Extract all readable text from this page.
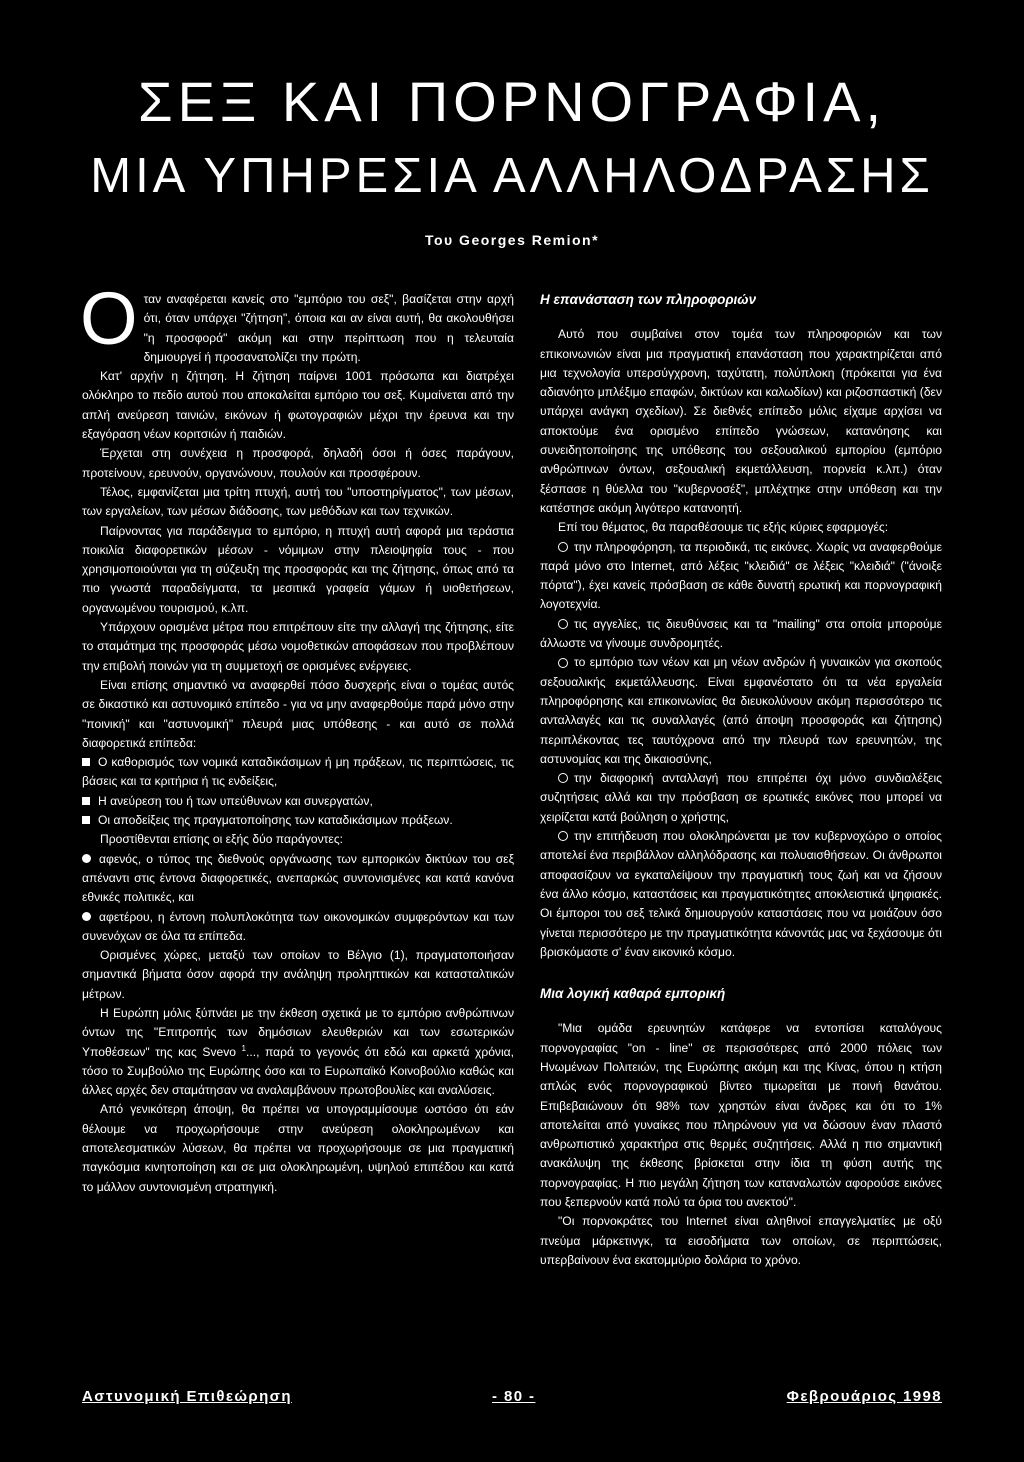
ΣΕΞ ΚΑΙ ΠΟΡΝΟΓΡΑΦΙΑ,
ΜΙΑ ΥΠΗΡΕΣΙΑ ΑΛΛΗΛΟΔΡΑΣΗΣ
Του Georges Remion*

Οταν αναφέρεται κανείς στο "εμπόριο του σεξ", βασίζεται στην αρχή ότι, όταν υπάρχει "ζήτηση", όποια και αν είναι αυτή, θα ακολουθήσει "η προσφορά" ακόμη και στην περίπτωση που η τελευταία δημιουργεί ή προσανατολίζει την πρώτη.

Κατ' αρχήν η ζήτηση. Η ζήτηση παίρνει 1001 πρόσωπα και διατρέχει ολόκληρο το πεδίο αυτού που αποκαλείται εμπόριο του σεξ. Κυμαίνεται από την απλή ανεύρεση ταινιών, εικόνων ή φωτογραφιών μέχρι την έρευνα και την εξαγόραση νέων κοριτσιών ή παιδιών.

Έρχεται στη συνέχεια η προσφορά, δηλαδή όσοι ή όσες παράγουν, προτείνουν, ερευνούν, οργανώνουν, πουλούν και προσφέρουν.

Τέλος, εμφανίζεται μια τρίτη πτυχή, αυτή του "υποστηρίγματος", των μέσων, των εργαλείων, των μέσων διάδοσης, των μεθόδων και των τεχνικών.

Παίρνοντας για παράδειγμα το εμπόριο, η πτυχή αυτή αφορά μια τεράστια ποικιλία διαφορετικών μέσων - νόμιμων στην πλειοψηφία τους - που χρησιμοποιούνται για τη σύζευξη της προσφοράς και της ζήτησης, όπως από τα πιο γνωστά παραδείγματα, τα μεσιτικά γραφεία γάμων ή υιοθετήσεων, οργανωμένου τουρισμού, κ.λπ.

Υπάρχουν ορισμένα μέτρα που επιτρέπουν είτε την αλλαγή της ζήτησης, είτε το σταμάτημα της προσφοράς μέσω νομοθετικών αποφάσεων που προβλέπουν την επιβολή ποινών για τη συμμετοχή σε ορισμένες ενέργειες.

Είναι επίσης σημαντικό να αναφερθεί πόσο δυσχερής είναι ο τομέας αυτός σε δικαστικό και αστυνομικό επίπεδο - για να μην αναφερθούμε παρά μόνο στην "ποινική" και "αστυνομική" πλευρά μιας υπόθεσης - και αυτό σε πολλά διαφορετικά επίπεδα:

Ο καθορισμός των νομικά καταδικάσιμων ή μη πράξεων, τις περιπτώσεις, τις βάσεις και τα κριτήρια ή τις ενδείξεις,

Η ανεύρεση του ή των υπεύθυνων και συνεργατών,

Οι αποδείξεις της πραγματοποίησης των καταδικάσιμων πράξεων.

Προστίθενται επίσης οι εξής δύο παράγοντες:

αφενός, ο τύπος της διεθνούς οργάνωσης των εμπορικών δικτύων του σεξ απέναντι στις έντονα διαφορετικές, ανεπαρκώς συντονισμένες και κατά κανόνα εθνικές πολιτικές, και

αφετέρου, η έντονη πολυπλοκότητα των οικονομικών συμφερόντων και των συνενόχων σε όλα τα επίπεδα.

Ορισμένες χώρες, μεταξύ των οποίων το Βέλγιο (1), πραγματοποιήσαν σημαντικά βήματα όσον αφορά την ανάληψη προληπτικών και κατασταλτικών μέτρων.

Η Ευρώπη μόλις ξύπνάει με την έκθεση σχετικά με το εμπόριο ανθρώπινων όντων της "Επιτροπής των δημόσιων ελευθεριών και των εσωτερικών Υποθέσεων" της κας Svevo $^1$..., παρά το γεγονός ότι εδώ και αρκετά χρόνια, τόσο το Συμβούλιο της Ευρώπης όσο και το Ευρωπαϊκό Κοινοβούλιο καθώς και άλλες αρχές δεν σταμάτησαν να αναλαμβάνουν πρωτοβουλίες και αναλύσεις.

Από γενικότερη άποψη, θα πρέπει να υπογραμμίσουμε ωστόσο ότι εάν θέλουμε να προχωρήσουμε στην ανεύρεση ολοκληρωμένων και αποτελεσματικών λύσεων, θα πρέπει να προχωρήσουμε σε μια πραγματική παγκόσμια κινητοποίηση και σε μια ολοκληρωμένη, υψηλού επιπέδου και κατά το μάλλον συντονισμένη στρατηγική.

Η επανάσταση των πληροφοριών

Αυτό που συμβαίνει στον τομέα των πληροφοριών και των επικοινωνιών είναι μια πραγματική επανάσταση που χαρακτηρίζεται από μια τεχνολογία υπερσύγχρονη, ταχύτατη, πολύπλοκη (πρόκειται για ένα αδιανόητο μπλέξιμο επαφών, δικτύων και καλωδίων) και ριζοσπαστική (δεν υπάρχει ανάγκη σχεδίων). Σε διεθνές επίπεδο μόλις είχαμε αρχίσει να αποκτούμε ένα ορισμένο επίπεδο γνώσεων, κατανόησης και συνειδητοποίησης της υπόθεσης του σεξουαλικού εμπορίου (εμπόριο ανθρώπινων όντων, σεξουαλική εκμετάλλευση, πορνεία κ.λπ.) όταν ξέσπασε η θύελλα του "κυβερνοσέξ", μπλέχτηκε στην υπόθεση και την κατέστησε ακόμη λιγότερο κατανοητή.

Επί του θέματος, θα παραθέσουμε τις εξής κύριες εφαρμογές:

την πληροφόρηση, τα περιοδικά, τις εικόνες. Χωρίς να αναφερθούμε παρά μόνο στο Internet, από λέξεις "κλειδιά" σε λέξεις "κλειδιά" ("άνοιξε πόρτα"), έχει κανείς πρόσβαση σε κάθε δυνατή ερωτική και πορνογραφική λογοτεχνία.

τις αγγελίες, τις διευθύνσεις και τα "mailing" στα οποία μπορούμε άλλωστε να γίνουμε συνδρομητές.

το εμπόριο των νέων και μη νέων ανδρών ή γυναικών για σκοπούς σεξουαλικής εκμετάλλευσης. Είναι εμφανέστατο ότι τα νέα εργαλεία πληροφόρησης και επικοινωνίας θα διευκολύνουν ακόμη περισσότερο τις ανταλλαγές και τις συναλλαγές (από άποψη προσφοράς και ζήτησης) περιπλέκοντας τες ταυτόχρονα από την πλευρά των ερευνητών, της αστυνομίας και της δικαιοσύνης,

την διαφορική ανταλλαγή που επιτρέπει όχι μόνο συνδιαλέξεις συζητήσεις αλλά και την πρόσβαση σε ερωτικές εικόνες που μπορεί να χειρίζεται κατά βούληση ο χρήστης,

την επιτήδευση που ολοκληρώνεται με τον κυβερνοχώρο ο οποίος αποτελεί ένα περιβάλλον αλληλόδρασης και πολυαισθήσεων. Οι άνθρωποι αποφασίζουν να εγκαταλείψουν την πραγματική τους ζωή και να ζήσουν ένα άλλο κόσμο, καταστάσεις και πραγματικότητες αποκλειστικά ψηφιακές. Οι έμποροι του σεξ τελικά δημιουργούν καταστάσεις που να μοιάζουν όσο γίνεται περισσότερο με την πραγματικότητα κάνοντάς μας να ξεχάσουμε ότι βρισκόμαστε σ' έναν εικονικό κόσμο.

Μια λογική καθαρά εμπορική

"Μια ομάδα ερευνητών κατάφερε να εντοπίσει καταλόγους πορνογραφίας "on - line" σε περισσότερες από 2000 πόλεις των Ηνωμένων Πολιτειών, της Ευρώπης ακόμη και της Κίνας, όπου η κτήση απλώς ενός πορνογραφικού βίντεο τιμωρείται με ποινή θανάτου. Επιβεβαιώνουν ότι 98% των χρηστών είναι άνδρες και ότι το 1% αποτελείται από γυναίκες που πληρώνουν για να δώσουν έναν πλαστό ανθρωπιστικό χαρακτήρα στις θερμές συζητήσεις. Αλλά η πιο σημαντική ανακάλυψη της έκθεσης βρίσκεται στην ίδια τη φύση αυτής της πορνογραφίας. Η πιο μεγάλη ζήτηση των καταναλωτών αφορούσε εικόνες που ξεπερνούν κατά πολύ τα όρια του ανεκτού".

"Οι πορνοκράτες του Internet είναι αληθινοί επαγγελματίες με οξύ πνεύμα μάρκετινγκ, τα εισοδήματα των οποίων, σε περιπτώσεις, υπερβαίνουν ένα εκατομμύριο δολάρια το χρόνο.

Αστυνομική Επιθεώρηση	- 80 -	Φεβρουάριος 1998
